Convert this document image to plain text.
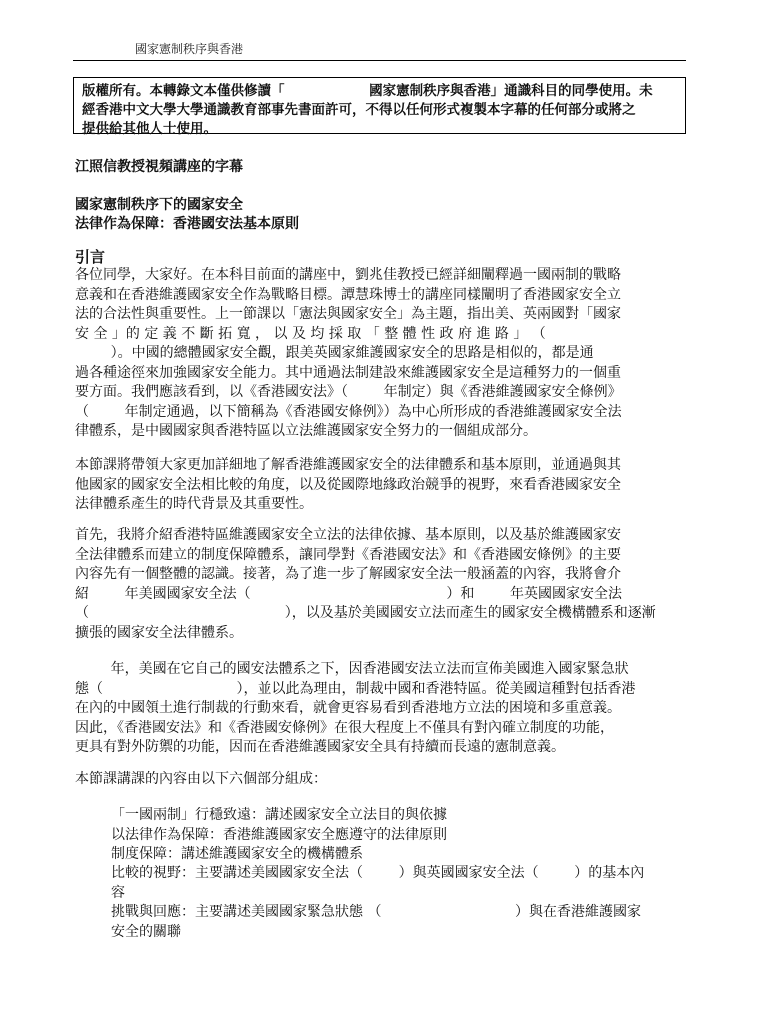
國家憲制秩序與香港
版權所有。本轉錄文本僅供修讀「                  國家憲制秩序與香港」通識科目的同學使用。未
經香港中文大學大學通識教育部事先書面許可，不得以任何形式複製本字幕的任何部分或將之
提供給其他人士使用。
江照信教授視頻講座的字幕
國家憲制秩序下的國家安全
法律作為保障：香港國安法基本原則
引言
各位同學，大家好。在本科目前面的講座中，劉兆佳教授已經詳細闡釋過一國兩制的戰略
意義和在香港維護國家安全作為戰略目標。譚慧珠博士的講座同樣闡明了香港國家安全立
法的合法性與重要性。上一節課以「憲法與國家安全」為主題，指出美、英兩國對「國家
安 全 」的 定 義 不 斷 拓 寬 ， 以 及 均 採 取 「 整 體 性 政 府 進 路 」 （
）。中國的總體國家安全觀，跟美英國家維護國家安全的思路是相似的，都是通
過各種途徑來加強國家安全能力。其中通過法制建設來維護國家安全是這種努力的一個重
要方面。我們應該看到，以《香港國安法》（        年制定）與《香港維護國家安全條例》
（        年制定通過，以下簡稱為《香港國安條例》）為中心所形成的香港維護國家安全法
律體系，是中國國家與香港特區以立法維護國家安全努力的一個組成部分。
本節課將帶領大家更加詳細地了解香港維護國家安全的法律體系和基本原則，並通過與其
他國家的國家安全法相比較的角度，以及從國際地緣政治競爭的視野，來看香港國家安全
法律體系產生的時代背景及其重要性。
首先，我將介紹香港特區維護國家安全立法的法律依據、基本原則，以及基於維護國家安
全法律體系而建立的制度保障體系，讓同學對《香港國安法》和《香港國安條例》的主要
內容先有一個整體的認識。接著，為了進一步了解國家安全法一般涵蓋的內容，我將會介
紹        年美國國家安全法（                                            ）和        年英國國家安全法
（                                            ），以及基於美國國安立法而產生的國家安全機構體系和逐漸
擴張的國家安全法律體系。
年，美國在它自己的國安法體系之下，因香港國安法立法而宣佈美國進入國家緊急狀
態（                              ），並以此為理由，制裁中國和香港特區。從美國這種對包括香港
在內的中國領土進行制裁的行動來看，就會更容易看到香港地方立法的困境和多重意義。
因此，《香港國安法》和《香港國安條例》在很大程度上不僅具有對內確立制度的功能，
更具有對外防禦的功能，因而在香港維護國家安全具有持續而長遠的憲制意義。
本節課講課的內容由以下六個部分組成：
「一國兩制」行穩致遠：講述國家安全立法目的與依據
以法律作為保障：香港維護國家安全應遵守的法律原則
制度保障：講述維護國家安全的機構體系
比較的視野：主要講述美國國家安全法（        ）與英國國家安全法（        ）的基本內
容
挑戰與回應：主要講述美國國家緊急狀態 （                              ）與在香港維護國家
安全的關聯
